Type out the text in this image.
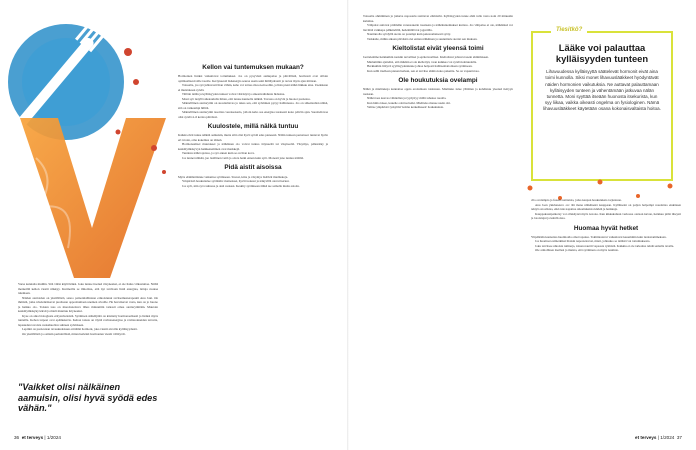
Varsa kannalta muihin. Sitä viitin käyttäväksi. Joka tuntee itsensä väsyneeksi, ei ole halua vilkastuttaa. Niillä merkeillä kehon viestit näkkyy. Kurinoilla se ilmoittaa, että nyt tarvitaan lisää energiaa, lattaja ruokaa tulemaan.

Näiden aterioiden on yksilöllistä, sanoo painonhallintaan erikoistunut ravitsemusterapeutti Anu Joki. On ihmisiä, jotka niveletkäisevat puolisaan oppositumaan uneinen aivoille. He havaitsevat vasta, kun on jo huono ja heikko olo. Toisten taas on muodostettava lähes minuuttiin tarkasti omaa ateriarytmiään. Muutoin keskittymiskyky kärsii ja mieli muuttuu ärtyneeksi.

Kyse on aika biologiasta eritysniveleistä. Syömisen säätelijöitä on käsitetty hormonaalisesti ja lisäksi myös tunteilla. Kehon tarpeet ovat epämukavia. Kehon totuus on täyttä ravintoenergiaa ja ravintoaineiden tarvetta, lapsuuden tavoista ruokahuollon suhteen syömiseen.

Leptiini on puolestaan ravaukudoksen erittämä hormoni, joka viestii aivoille kylläisyydestä.

On yksilöllistä ja osittain perinnöllistä, miten herkästi hormonien viestit välittyvät.

"Vaikket olisi nälkäinen aamuisin, olisi hyvä syödä edes vähän."
Kellon vai tuntemuksen mukaan?

Hormonien lisäksi vaikuttavat tottumukset. Jos on pysyvästi aamupalaa ja päivällistä, hormonit ovat silloin optimaalisesti sille tasolle. Kertyneestä lisäenergia seuraa usein sekä hiilihydraatit ja rasvat myös ajan mittaan.

Toisaalta, jos syö juhlavasti liian vähän, keho voi tottua olkoon-moodiin, jolloin pieni nälkä liikkuu aina. Useinkaan ei muistakaan syödä.

Tällöin nälän ja kylläisyyden tunteet voivat vääristyä ja aineenvaihdunta hidastua.

Moni syö tietyllä aikataululla ilman, että tuntee kunnolla nälkää. Tavassa on hyvät ja huonot puolensa.

Säännöllinen ateriarytmi on suositeltavaa ja takaa sen, että syöminen pysyy hallinnassa. Jos on sitkeäsullen nälkä, sitä on vaikeampi hillitä.

Säännöllinen ateriarytmi tasoittaa verensokeria, jolloin keho saa energiaa tasaisesti koko päivän ajan. Suositeltavaa olisi syödä 4–6 kertaa päivässä.

Kuulostele, millä nälkä tuntuu

Kaikki eivät tunne nälkää aamuisin, mutta silti olisi hyvä syödä edes pieneesti. Nälän tunteen perustasot tuntevat hyvin eri tavoin, oma kokemus on tärkeä.

Hormonaaliset muutokset ja nälkäinen olo voivat tuntua ärtyneeltä tai väsyneeltä. Väsymys, päänsärky ja keskittymiskyvyn heikkeneminen ovat merkkejä.

Tunnista nälkä ajoissa, ja syö ennen kuin se on liian kova.

Jos tunnet nälkää, juo lasillinen vettä ja odota hetki ennen kuin syöt. Monesti jano tuntuu nälältä.

Pidä aistit aisoissa

Myös elämäntilanne vaikuttaa syömiseen. Stressi, kiire ja väsymys lisäävät mielitekoja.

Ympäristö houkuttelee syömään: mainokset, hyvät tuoksut ja näkyvillä olevat herkut.

Jos syöt, niin syö rauhassa ja aisti ruokasi. Keskity syömiseen äläkä tee samalla muita asioita.

36 et terveys | 1/2024

Toisaalta ahmiminen ja jatkuva napostelu rasittavat elimistöä. Kylläisyyden tunne ehtii tulla vasta noin 20 minuutin kuluttua.

Välipalat auttavat pitämään verensokerin tasaisena ja nälkätuntemukset kurissa. Jos välipalaa ei ole, nälkäänsä voi lievittää vaikkapa pähkinöillä, hedelmällä tai jogurtilla.

Nautinnolla syödyllä ateria on parempi kuin pakonomaisesti syöty.

Tarkkaile, mihin aikaan päivästä olet eniten nälkäinen ja suunnittele ateriat sen mukaan.

Kieltolistat eivät yleensä toimi

Jaottelemme herkkuihin ruokiin tervelliset ja epäterveelliset. Kieltolistat johtavat usein ahmimiseen.

Mielummin ajattelisi, että mikään ei ole kiellettyä, vaan kaikkea voi syödä kohtuudella.

Herkkuihin liittyvä syyllisyydentunne johtaa helposti hallitsemattomaan syömiseen.

Kun sallii itselleen pienen herkun, sen ei tarvitse ahmia koko pakettia. Se on vapauttavaa.

Ole houkutuksia ovelampi

Nälkä ja mielitekoja kannattaa oppia erottamaan toisistaan. Mieliteko tulee yllättäen ja kohdistuu yleensä tiettyyn ruokaan.

Nälkä taas kasvaa vähitellen ja tyydyttyy millä tahansa ruoalla.

Kun himo iskee, kokeile odottaa hetki. Mieliteko menee usein ohi.

Valitse ympäristö tyrkyttää 'kolme kerkeäkseen' houkutuksia.

Tiesitkö?
Lääke voi palauttaa kylläisyyden tunteen
Lihavuudessa kylläisyyttä säätelevät hormonit eivät aina toimi kunnolla. Siksi monet lihavuuslääkkeet hyödyntävät näiden hormonien vaikutuksia. Ne auttavat palauttamaan kylläisyyden tunteen ja vähentämään jatkuvaa nälän tunnetta. Moni syyttää itseään huonosta itsekurista, kun syy liikaa, vaikka oikeasti ongelma on fysiologinen. Nämä lihavuuslääkkeet käytetään osana kokonaisvaltaista hoitoa.

cila ovelampia ja fuseda naitteisia, jotka kaupan houkutuksia torjuntaan.

Anu Joen ykkösneuvo on: älä mene nälkäisenä kauppaan. Kylläisenä on paljon helpompi noudattaa etukäteen tehtyä ostoslistaa, eikä tule napattua aikomuksista kärkiä ja herkkuja.

Kauppakassipaikotsy voi ollakäyteä myös kotona. Kun kikkakaluun verkossa otetaan kuvan, herkkua pitää tiheysti ja lotoistujat ja kahviloissa.

Huomaa hyvät hetket

Ylipäätään kannattaa huomioida omat tapansa. Toimintatavat vaikuttavat kauemmin kuin tiedostammekaan.

Jos huomaat esimerkiksi iltaisin napostelevasi, mieti, johtuuko se nälästä vai tottumuksesta.

Joku tarvitsee ulkoisia rutiineja, toinen nauttii vapaasta rytmistä. Kaikkia ei ole tarkoitus tehdä samalla tavalla.

Ole armollinen itsellesi ja muista, että syöminen on myös nautinto.

et terveys | 1/2024 37
